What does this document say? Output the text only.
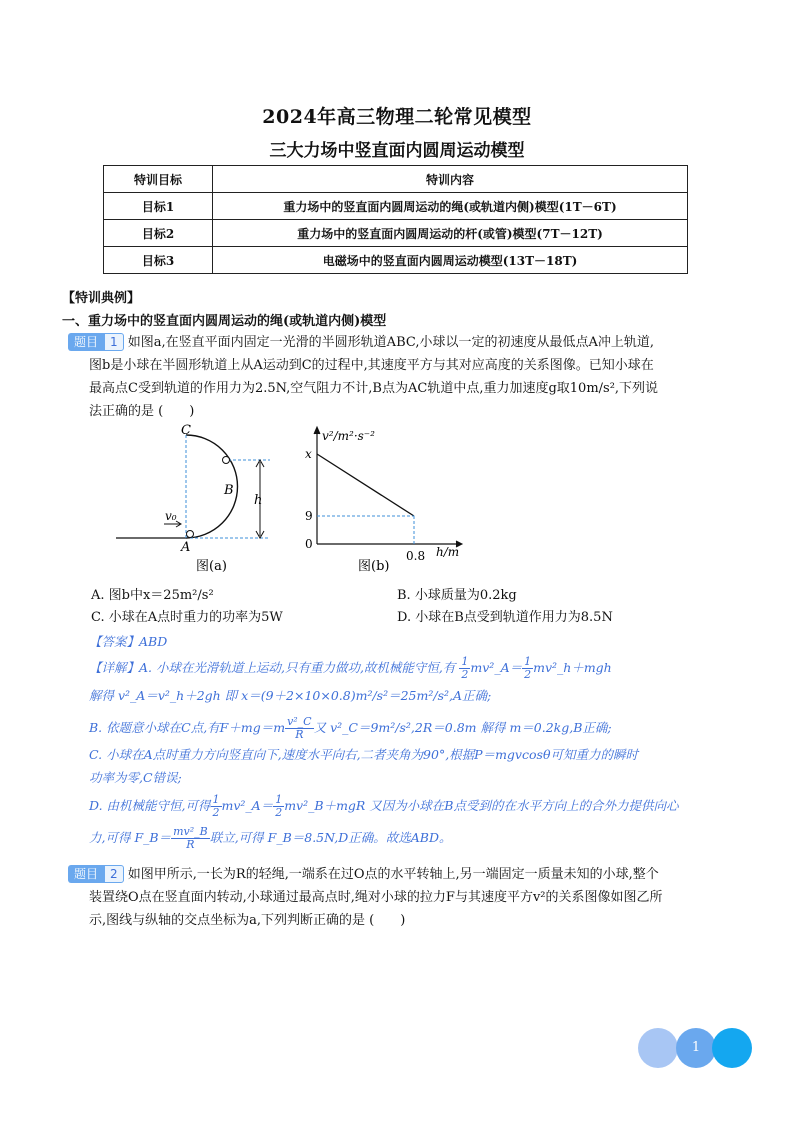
2024年高三物理二轮常见模型
三大力场中竖直面内圆周运动模型
特训目标	特训内容
目标1	重力场中的竖直面内圆周运动的绳(或轨道内侧)模型(1T－6T)
目标2	重力场中的竖直面内圆周运动的杆(或管)模型(7T－12T)
目标3	电磁场中的竖直面内圆周运动模型(13T－18T)
【特训典例】
一、重力场中的竖直面内圆周运动的绳(或轨道内侧)模型
题目 1 如图a,在竖直平面内固定一光滑的半圆形轨道ABC,小球以一定的初速度从最低点A冲上轨道,
图b是小球在半圆形轨道上从A运动到C的过程中,其速度平方与其对应高度的关系图像。已知小球在
最高点C受到轨道的作用力为2.5N,空气阻力不计,B点为AC轨道中点,重力加速度g取10m/s²,下列说
法正确的是 (　　)
C
B
A
h
v₀
图(a)
v²/m²·s⁻²
x
9
0
0.8 h/m
图(b)
A. 图b中x＝25m²/s²	B. 小球质量为0.2kg
C. 小球在A点时重力的功率为5W	D. 小球在B点受到轨道作用力为8.5N
【答案】ABD
【详解】A. 小球在光滑轨道上运动,只有重力做功,故机械能守恒,有 $\frac{1}{2}$ mv²_A＝ $\frac{1}{2}$ mv²_h＋mgh
解得 v²_A＝v²_h＋2gh 即 x＝(9＋2×10×0.8)m²/s²＝25m²/s²,A正确;
B. 依题意小球在C点,有$F+mg=m \frac{\text{v²\_C}}{R}$ 又 v²_C＝9m²/s²,2R＝0.8m 解得 m＝0.2kg,B正确;
C. 小球在A点时重力方向竖直向下,速度水平向右,二者夹角为90°,根据P＝mgvcosθ可知重力的瞬时
功率为零,C错误;
D. 由机械能守恒,可得 $\frac{1}{2}$ mv²_A＝ $\frac{1}{2}$ mv²_B＋mgR 又因为小球在B点受到的在水平方向上的合外力提供向心
力,可得 F_B＝ $\frac{\text{mv²\_B}}{R}$ 联立,可得 F_B＝8.5N,D正确。故选ABD。
题目 2 如图甲所示,一长为R的轻绳,一端系在过O点的水平转轴上,另一端固定一质量未知的小球,整个
装置绕O点在竖直面内转动,小球通过最高点时,绳对小球的拉力F与其速度平方v²的关系图像如图乙所
示,图线与纵轴的交点坐标为a,下列判断正确的是 (　　)
1
